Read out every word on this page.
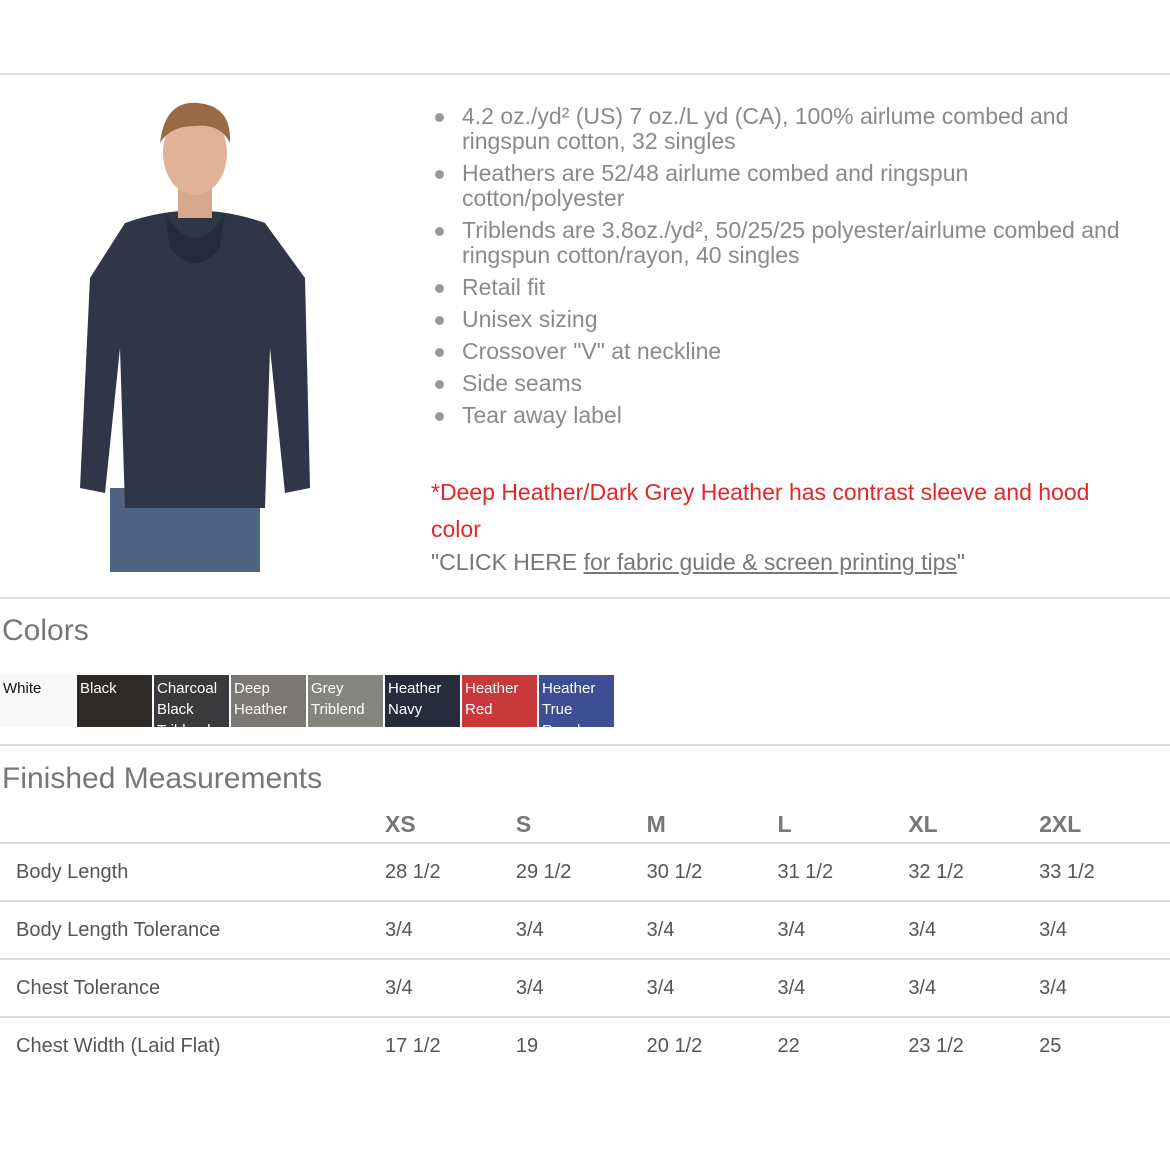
4.2 oz./yd² (US) 7 oz./L yd (CA), 100% airlume combed and ringspun cotton, 32 singles
Heathers are 52/48 airlume combed and ringspun cotton/polyester
Triblends are 3.8oz./yd², 50/25/25 polyester/airlume combed and ringspun cotton/rayon, 40 singles
Retail fit
Unisex sizing
Crossover "V" at neckline
Side seams
Tear away label
*Deep Heather/Dark Grey Heather has contrast sleeve and hood color
"CLICK HERE for fabric guide & screen printing tips"
Colors
White	Black	Charcoal Black Triblend
Deep Heather
Grey Triblend
Heather Navy
Heather Red
Heather True Royal
Finished Measurements
	XS	S	M	L	XL	2XL
Body Length	28 1/2	29 1/2	30 1/2	31 1/2	32 1/2	33 1/2
Body Length Tolerance	3/4	3/4	3/4	3/4	3/4	3/4
Chest Tolerance	3/4	3/4	3/4	3/4	3/4	3/4
Chest Width (Laid Flat)	17 1/2	19	20 1/2	22	23 1/2	25
